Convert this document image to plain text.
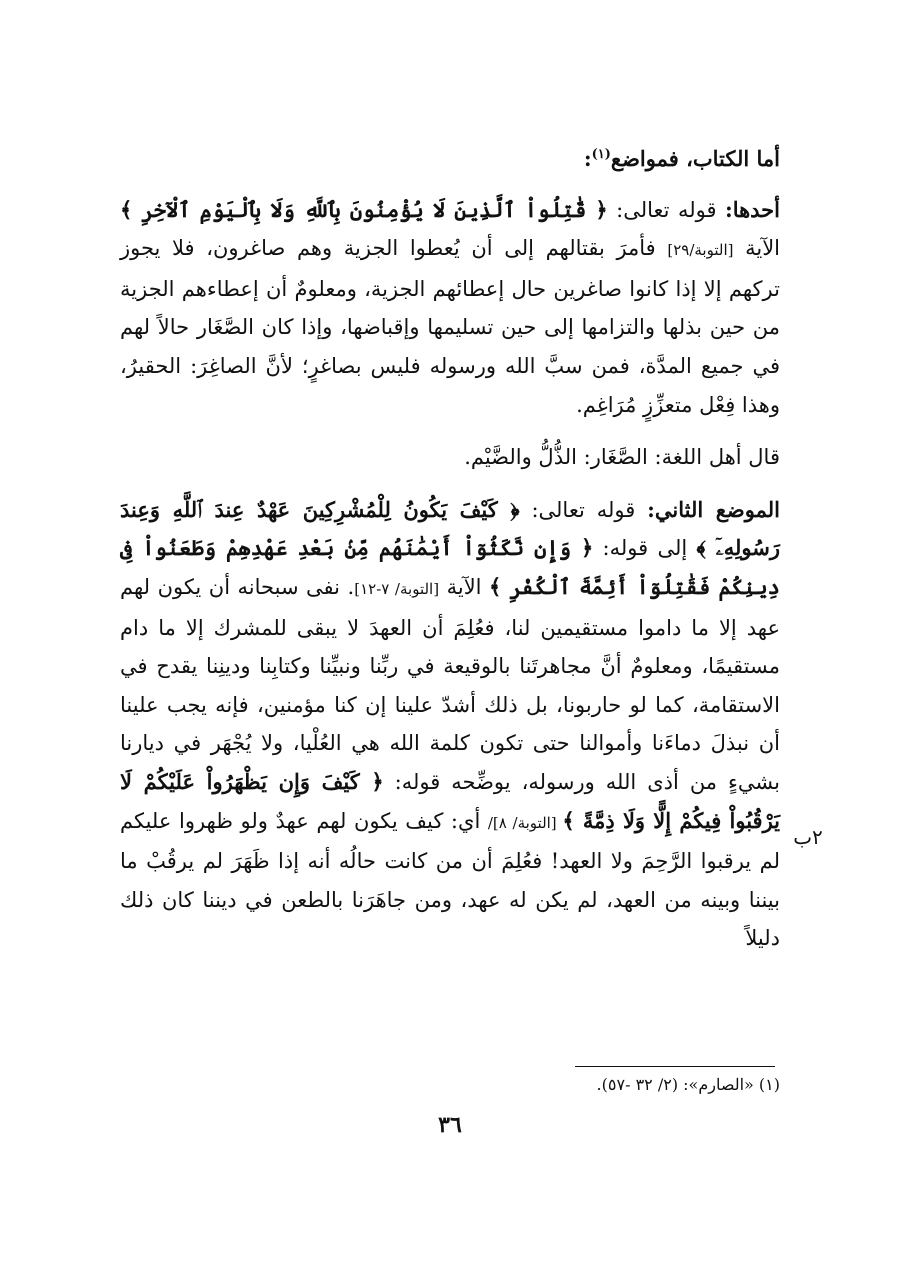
أما الكتاب، فمواضع$^{(١)}$:

أحدها: قوله تعالى: ﴿ قَٰتِلُواْ ٱلَّذِينَ لَا يُؤْمِنُونَ بِٱللَّهِ وَلَا بِٱلْيَوْمِ ٱلْآخِرِ ﴾ الآية [التوبة/٢٩] فأمرَ بقتالهم إلى أن يُعطوا الجزية وهم صاغرون، فلا يجوز تركهم إلا إذا كانوا صاغرين حال إعطائهم الجزية، ومعلومٌ أن إعطاءهم الجزية من حين بذلها والتزامها إلى حين تسليمها وإقباضها، وإذا كان الصَّغَار حالاً لهم في جميع المدَّة، فمن سبَّ الله ورسوله فليس بصاغرٍ؛ لأنَّ الصاغِرَ: الحقيرُ، وهذا فِعْل متعزِّزٍ مُرَاغِم.

قال أهل اللغة: الصَّغَار: الذُّلُّ والضَّيْم.

الموضع الثاني: قوله تعالى: ﴿ كَيْفَ يَكُونُ لِلْمُشْرِكِينَ عَهْدٌ عِندَ ٱللَّهِ وَعِندَ رَسُولِهِۦٓ ﴾ إلى قوله: ﴿ وَإِن نَّكَثُوٓاْ أَيْمَٰنَهُم مِّنۢ بَعْدِ عَهْدِهِمْ وَطَعَنُواْ فِى دِينِكُمْ فَقَٰتِلُوٓاْ أَئِمَّةَ ٱلْكُفْرِ ﴾ الآية [التوبة/ ٧-١٢]. نفى سبحانه أن يكون لهم عهد إلا ما داموا مستقيمين لنا، فعُلِمَ أن العهدَ لا يبقى للمشرك إلا ما دام مستقيمًا، ومعلومٌ أنَّ مجاهرتَنا بالوقيعة في ربِّنا ونبيِّنا وكتابِنا ودينِنا يقدح في الاستقامة، كما لو حاربونا، بل ذلك أشدّ علينا إن كنا مؤمنين، فإنه يجب علينا أن نبذلَ دماءَنا وأموالنا حتى تكون كلمة الله هي العُلْيا، ولا يُجْهَر في ديارنا بشيءٍ من أذى الله ورسوله، يوضِّحه قوله: ﴿ كَيْفَ وَإِن يَظْهَرُواْ عَلَيْكُمْ لَا يَرْقُبُواْ فِيكُمْ إِلًّا وَلَا ذِمَّةً ﴾ [التوبة/ ٨]/ أي: كيف يكون لهم عهدٌ ولو ظهروا عليكم لم يرقبوا الرَّحِمَ ولا العهد! فعُلِمَ أن من كانت حالُه أنه إذا ظَهَرَ لم يرقُبْ ما بيننا وبينه من العهد، لم يكن له عهد، ومن جاهَرَنا بالطعن في ديننا كان ذلك دليلاً

٢ب
(١) «الصارم»: (٢/ ٣٢ -٥٧).
٣٦
